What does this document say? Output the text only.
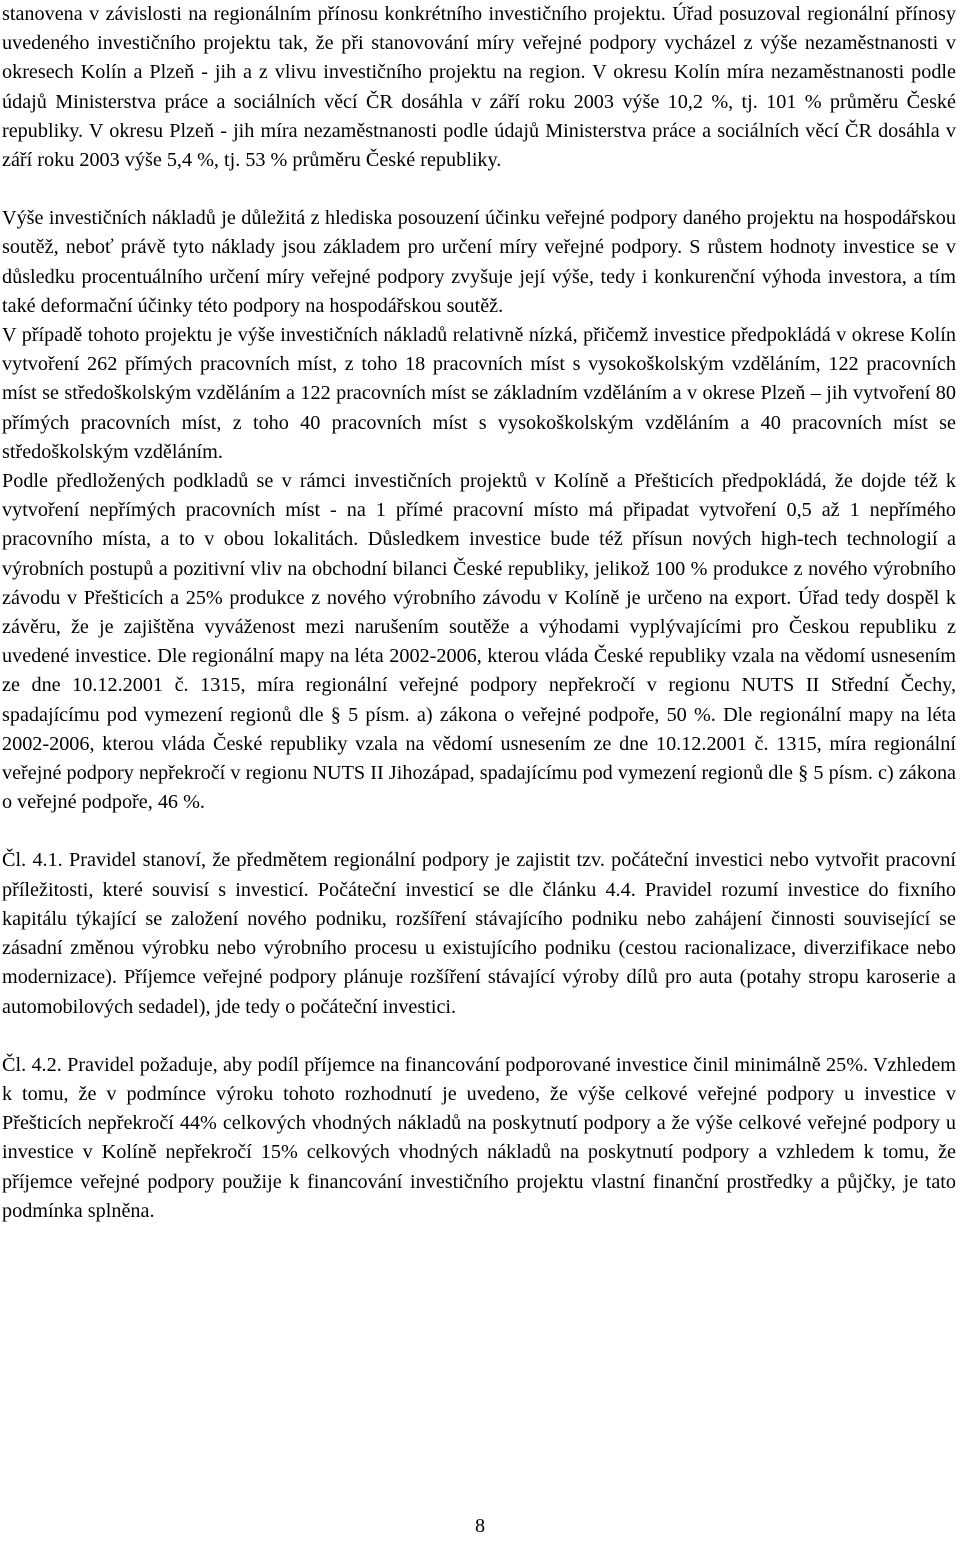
stanovena v závislosti na regionálním přínosu konkrétního investičního projektu. Úřad posuzoval regionální přínosy uvedeného investičního projektu tak, že při stanovování míry veřejné podpory vycházel z výše nezaměstnanosti v okresech Kolín a Plzeň - jih a z vlivu investičního projektu na region. V okresu Kolín míra nezaměstnanosti podle údajů Ministerstva práce a sociálních věcí ČR dosáhla v září roku 2003 výše 10,2 %, tj. 101 % průměru České republiky. V okresu Plzeň - jih míra nezaměstnanosti podle údajů Ministerstva práce a sociálních věcí ČR dosáhla v září roku 2003 výše 5,4 %, tj. 53 % průměru České republiky.

Výše investičních nákladů je důležitá z hlediska posouzení účinku veřejné podpory daného projektu na hospodářskou soutěž, neboť právě tyto náklady jsou základem pro určení míry veřejné podpory. S růstem hodnoty investice se v důsledku procentuálního určení míry veřejné podpory zvyšuje její výše, tedy i konkurenční výhoda investora, a tím také deformační účinky této podpory na hospodářskou soutěž.

V případě tohoto projektu je výše investičních nákladů relativně nízká, přičemž investice předpokládá v okrese Kolín vytvoření 262 přímých pracovních míst, z toho 18 pracovních míst s vysokoškolským vzděláním, 122 pracovních míst se středoškolským vzděláním a 122 pracovních míst se základním vzděláním a v okrese Plzeň – jih vytvoření 80 přímých pracovních míst, z toho 40 pracovních míst s vysokoškolským vzděláním a 40 pracovních míst se středoškolským vzděláním.

Podle předložených podkladů se v rámci investičních projektů v Kolíně a Přešticích předpokládá, že dojde též k vytvoření nepřímých pracovních míst - na 1 přímé pracovní místo má připadat vytvoření 0,5 až 1 nepřímého pracovního místa, a to v obou lokalitách. Důsledkem investice bude též přísun nových high-tech technologií a výrobních postupů a pozitivní vliv na obchodní bilanci České republiky, jelikož 100 % produkce z nového výrobního závodu v Přešticích a 25% produkce z nového výrobního závodu v Kolíně je určeno na export. Úřad tedy dospěl k závěru, že je zajištěna vyváženost mezi narušením soutěže a výhodami vyplývajícími pro Českou republiku z uvedené investice. Dle regionální mapy na léta 2002-2006, kterou vláda České republiky vzala na vědomí usnesením ze dne 10.12.2001 č. 1315, míra regionální veřejné podpory nepřekročí v regionu NUTS II Střední Čechy, spadajícímu pod vymezení regionů dle § 5 písm. a) zákona o veřejné podpoře, 50 %. Dle regionální mapy na léta 2002-2006, kterou vláda České republiky vzala na vědomí usnesením ze dne 10.12.2001 č. 1315, míra regionální veřejné podpory nepřekročí v regionu NUTS II Jihozápad, spadajícímu pod vymezení regionů dle § 5 písm. c) zákona o veřejné podpoře, 46 %.

Čl. 4.1. Pravidel stanoví, že předmětem regionální podpory je zajistit tzv. počáteční investici nebo vytvořit pracovní příležitosti, které souvisí s investicí. Počáteční investicí se dle článku 4.4. Pravidel rozumí investice do fixního kapitálu týkající se založení nového podniku, rozšíření stávajícího podniku nebo zahájení činnosti související se zásadní změnou výrobku nebo výrobního procesu u existujícího podniku (cestou racionalizace, diverzifikace nebo modernizace). Příjemce veřejné podpory plánuje rozšíření stávající výroby dílů pro auta (potahy stropu karoserie a automobilových sedadel), jde tedy o počáteční investici.

Čl. 4.2. Pravidel požaduje, aby podíl příjemce na financování podporované investice činil minimálně 25%. Vzhledem k tomu, že v podmínce výroku tohoto rozhodnutí je uvedeno, že výše celkové veřejné podpory u investice v Přešticích nepřekročí 44% celkových vhodných nákladů na poskytnutí podpory a že výše celkové veřejné podpory u investice v Kolíně nepřekročí 15% celkových vhodných nákladů na poskytnutí podpory a vzhledem k tomu, že příjemce veřejné podpory použije k financování investičního projektu vlastní finanční prostředky a půjčky, je tato podmínka splněna.

8
